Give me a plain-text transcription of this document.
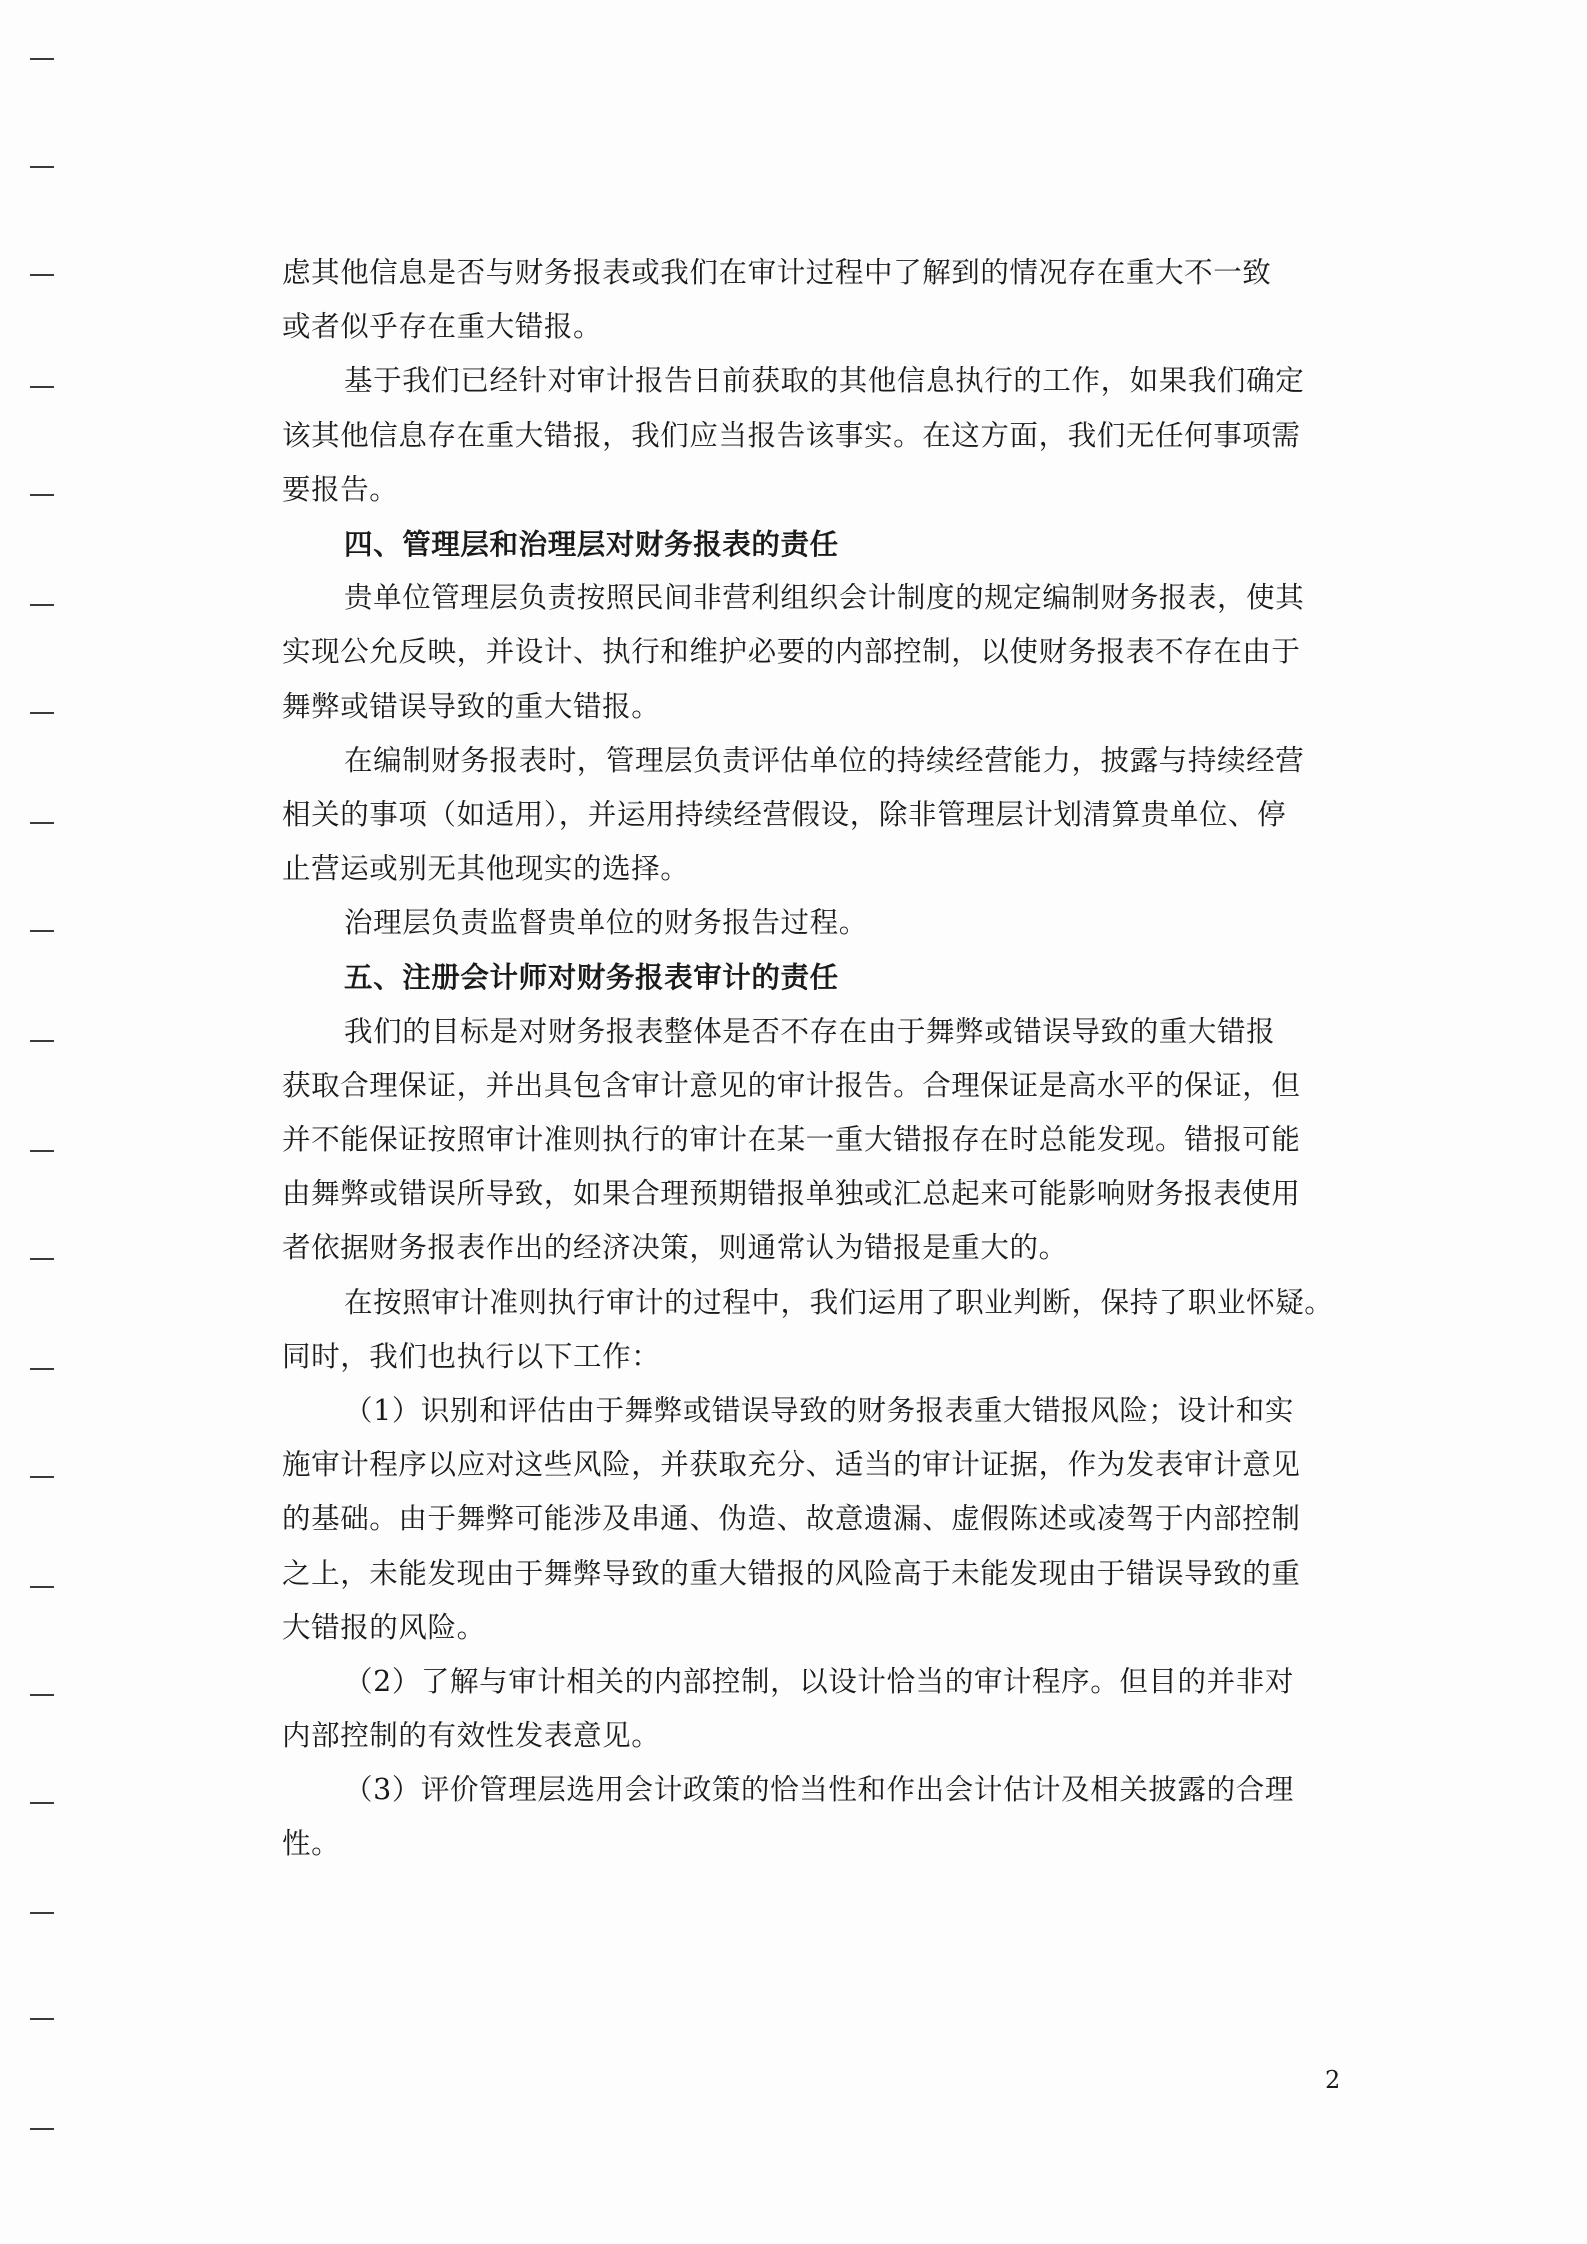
虑其他信息是否与财务报表或我们在审计过程中了解到的情况存在重大不一致
或者似乎存在重大错报。
基于我们已经针对审计报告日前获取的其他信息执行的工作，如果我们确定
该其他信息存在重大错报，我们应当报告该事实。在这方面，我们无任何事项需
要报告。
四、管理层和治理层对财务报表的责任
贵单位管理层负责按照民间非营利组织会计制度的规定编制财务报表，使其
实现公允反映，并设计、执行和维护必要的内部控制，以使财务报表不存在由于
舞弊或错误导致的重大错报。
在编制财务报表时，管理层负责评估单位的持续经营能力，披露与持续经营
相关的事项（如适用），并运用持续经营假设，除非管理层计划清算贵单位、停
止营运或别无其他现实的选择。
治理层负责监督贵单位的财务报告过程。
五、注册会计师对财务报表审计的责任
我们的目标是对财务报表整体是否不存在由于舞弊或错误导致的重大错报
获取合理保证，并出具包含审计意见的审计报告。合理保证是高水平的保证，但
并不能保证按照审计准则执行的审计在某一重大错报存在时总能发现。错报可能
由舞弊或错误所导致，如果合理预期错报单独或汇总起来可能影响财务报表使用
者依据财务报表作出的经济决策，则通常认为错报是重大的。
在按照审计准则执行审计的过程中，我们运用了职业判断，保持了职业怀疑。
同时，我们也执行以下工作：
（1）识别和评估由于舞弊或错误导致的财务报表重大错报风险；设计和实
施审计程序以应对这些风险，并获取充分、适当的审计证据，作为发表审计意见
的基础。由于舞弊可能涉及串通、伪造、故意遗漏、虚假陈述或凌驾于内部控制
之上，未能发现由于舞弊导致的重大错报的风险高于未能发现由于错误导致的重
大错报的风险。
（2）了解与审计相关的内部控制，以设计恰当的审计程序。但目的并非对
内部控制的有效性发表意见。
（3）评价管理层选用会计政策的恰当性和作出会计估计及相关披露的合理
性。
2
